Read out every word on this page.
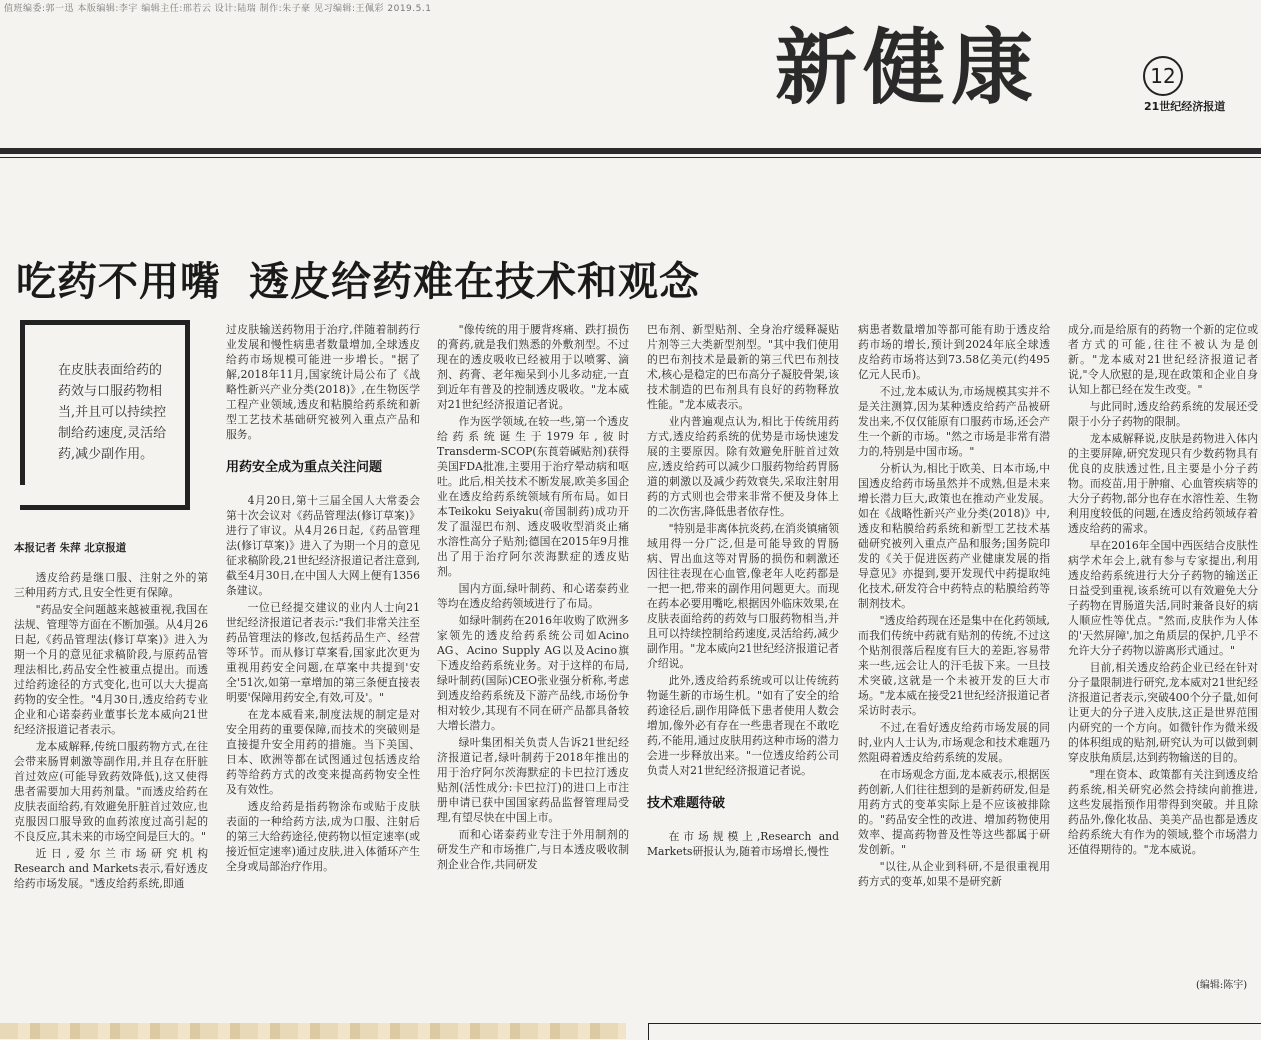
值班编委:郭一迅 本版编辑:李宇 编辑主任:邢若云 设计:陆瑞 制作:朱子豪 见习编辑:王佩彩 2019.5.1
新健康	12
21世纪经济报道
吃药不用嘴 透皮给药难在技术和观念
在皮肤表面给药的药效与口服药物相当,并且可以持续控制给药速度,灵活给药,减少副作用。
本报记者 朱萍 北京报道

透皮给药是继口服、注射之外的第三种用药方式,且安全性更有保障。

"药品安全问题越来越被重视,我国在法规、管理等方面在不断加强。从4月26日起,《药品管理法(修订草案)》进入为期一个月的意见征求稿阶段,与原药品管理法相比,药品安全性被重点提出。而透过给药途径的方式变化,也可以大大提高药物的安全性。"4月30日,透皮给药专业企业和心诺泰药业董事长龙本威向21世纪经济报道记者表示。

龙本威解释,传统口服药物方式,在往会带来肠胃刺激等副作用,并且存在肝脏首过效应(可能导致药效降低),这又使得患者需要加大用药剂量。"而透皮给药在皮肤表面给药,有效避免肝脏首过效应,也克服因口服导致的血药浓度过高引起的不良反应,其未来的市场空间是巨大的。"

近日,爱尔兰市场研究机构Research and Markets表示,看好透皮给药市场发展。"透皮给药系统,即通

过皮肤输送药物用于治疗,伴随着制药行业发展和慢性病患者数量增加,全球透皮给药市场规模可能进一步增长。"据了解,2018年11月,国家统计局公布了《战略性新兴产业分类(2018)》,在生物医学工程产业领域,透皮和粘膜给药系统和新型工艺技术基础研究被列入重点产品和服务。

用药安全成为重点关注问题

4月20日,第十三届全国人大常委会第十次会议对《药品管理法(修订草案)》进行了审议。从4月26日起,《药品管理法(修订草案)》进入了为期一个月的意见征求稿阶段,21世纪经济报道记者注意到,截至4月30日,在中国人大网上便有1356条建议。

一位已经提交建议的业内人士向21世纪经济报道记者表示:"我们非常关注至药品管理法的修改,包括药品生产、经营等环节。而从修订草案看,国家此次更为重视用药安全问题,在草案中共提到'安全'51次,如第一章增加的第三条便直接表明要'保障用药安全,有效,可及'。"

在龙本威看来,制度法规的制定是对安全用药的重要保障,而技术的突破则是直接提升安全用药的措施。当下美国、日本、欧洲等都在试图通过包括透皮给药等给药方式的改变来提高药物安全性及有效性。

透皮给药是指药物涂布或贴于皮肤表面的一种给药方法,成为口服、注射后的第三大给药途径,使药物以恒定速率(或接近恒定速率)通过皮肤,进入体循环产生全身或局部治疗作用。

"像传统的用于腰背疼痛、跌打损伤的膏药,就是我们熟悉的外敷剂型。不过现在的透皮吸收已经被用于以喷雾、滴剂、药膏、老年痴呆到小儿多动症,一直到近年有普及的控制透皮吸收。"龙本威对21世纪经济报道记者说。

作为医学领域,在较一些,第一个透皮给药系统诞生于1979年,彼时Transderm-SCOP(东莨菪碱贴剂)获得美国FDA批准,主要用于治疗晕动病和呕吐。此后,相关技术不断发展,欧美多国企业在透皮给药系统领域有所布局。如日本Teikoku Seiyaku(帝国制药)成功开发了温湿巴布剂、透皮吸收型消炎止痛水溶性高分子贴剂;德国在2015年9月推出了用于治疗阿尔茨海默症的透皮贴剂。

国内方面,绿叶制药、和心诺泰药业等均在透皮给药领域进行了布局。

如绿叶制药在2016年收购了欧洲多家领先的透皮给药系统公司如Acino AG、Acino Supply AG以及Acino旗下透皮给药系统业务。对于这样的布局,绿叶制药(国际)CEO张业强分析称,考虑到透皮给药系统及下游产品线,市场份争相对较少,其现有不同在研产品都具备较大增长潜力。

绿叶集团相关负责人告诉21世纪经济报道记者,绿叶制药于2018年推出的用于治疗阿尔茨海默症的卡巴拉汀透皮贴剂(活性成分:卡巴拉汀)的进口上市注册申请已获中国国家药品监督管理局受理,有望尽快在中国上市。

而和心诺泰药业专注于外用制剂的研发生产和市场推广,与日本透皮吸收制剂企业合作,共同研发

巴布剂、新型贴剂、全身治疗缓释凝贴片剂等三大类新型剂型。"其中我们使用的巴布剂技术是最新的第三代巴布剂技术,核心是稳定的巴布高分子凝胶骨架,该技术制造的巴布剂具有良好的药物释放性能。"龙本威表示。

业内普遍观点认为,相比于传统用药方式,透皮给药系统的优势是市场快速发展的主要原因。除有效避免肝脏首过效应,透皮给药可以减少口服药物给药胃肠道的刺激以及减少药效衰失,采取注射用药的方式则也会带来非常不便及身体上的二次伤害,降低患者依存性。

"特别是非离体抗炎药,在消炎镇痛领域用得一分广泛,但是可能导致的胃肠病、胃出血这等对胃肠的损伤和刺激还因往往表现在心血管,像老年人吃药都是一把一把,带来的副作用问题更大。而现在药本必要用嘴吃,根据因外临床效果,在皮肤表面给药的药效与口服药物相当,并且可以持续控制给药速度,灵活给药,减少副作用。"龙本威向21世纪经济报道记者介绍说。

此外,透皮给药系统或可以让传统药物诞生新的市场生机。"如有了安全的给药途径后,副作用降低下患者使用人数会增加,像外必有存在一些患者现在不敢吃药,不能用,通过皮肤用药这种市场的潜力会进一步释放出来。"一位透皮给药公司负责人对21世纪经济报道记者说。

技术难题待破

在市场规模上,Research and Markets研报认为,随着市场增长,慢性

病患者数量增加等都可能有助于透皮给药市场的增长,预计到2024年底全球透皮给药市场将达到73.58亿美元(约495亿元人民币)。

不过,龙本威认为,市场规模其实并不是关注测算,因为某种透皮给药产品被研发出来,不仅仅能原有口服药市场,还会产生一个新的市场。"然之市场是非常有潜力的,特别是中国市场。"

分析认为,相比于欧美、日本市场,中国透皮给药市场虽然并不成熟,但是未来增长潜力巨大,政策也在推动产业发展。如在《战略性新兴产业分类(2018)》中,透皮和粘膜给药系统和新型工艺技术基础研究被列入重点产品和服务;国务院印发的《关于促进医药产业健康发展的指导意见》亦提到,要开发现代中药提取纯化技术,研发符合中药特点的粘膜给药等制剂技术。

"透皮给药现在还是集中在化药领域,而我们传统中药就有贴剂的传统,不过这个贴剂很落后程度有巨大的差距,容易带来一些,远会让人的汗毛拔下来。一旦技术突破,这就是一个未被开发的巨大市场。"龙本威在接受21世纪经济报道记者采访时表示。

不过,在看好透皮给药市场发展的同时,业内人士认为,市场观念和技术难题乃然阻碍着透皮给药系统的发展。

在市场观念方面,龙本威表示,根据医药创新,人们往往想到的是新药研发,但是用药方式的变革实际上是不应该被排除的。"药品安全性的改进、增加药物使用效率、提高药物普及性等这些都属于研发创新。"

"以往,从企业到科研,不是很重视用药方式的变革,如果不是研究新

成分,而是给原有的药物一个新的定位或者方式的可能,往往不被认为是创新。"龙本威对21世纪经济报道记者说,"令人欣慰的是,现在政策和企业自身认知上都已经在发生改变。"

与此同时,透皮给药系统的发展还受限于小分子药物的限制。

龙本威解释说,皮肤是药物进入体内的主要屏障,研究发现只有少数药物具有优良的皮肤透过性,且主要是小分子药物。而疫苗,用于肿瘤、心血管疾病等的大分子药物,部分也存在水溶性差、生物利用度较低的问题,在透皮给药领域存着透皮给药的需求。

早在2016年全国中西医结合皮肤性病学术年会上,就有参与专家提出,利用透皮给药系统进行大分子药物的输送正日益受到重视,该系统可以有效避免大分子药物在胃肠道失活,同时兼备良好的病人顺应性等优点。"然而,皮肤作为人体的'天然屏障',加之角质层的保护,几乎不允许大分子药物以游离形式通过。"

目前,相关透皮给药企业已经在针对分子量限制进行研究,龙本威对21世纪经济报道记者表示,突破400个分子量,如何让更大的分子进入皮肤,这正是世界范围内研究的一个方向。如微针作为微米级的体积组成的贴剂,研究认为可以做到刺穿皮肤角质层,达到药物输送的目的。

"理在资本、政策都有关注到透皮给药系统,相关研究必然会持续向前推进,这些发展指预作用带得到突破。并且除药品外,像化妆品、美美产品也都是透皮给药系统大有作为的领域,整个市场潜力还值得期待的。"龙本威说。

(编辑:陈宇)
